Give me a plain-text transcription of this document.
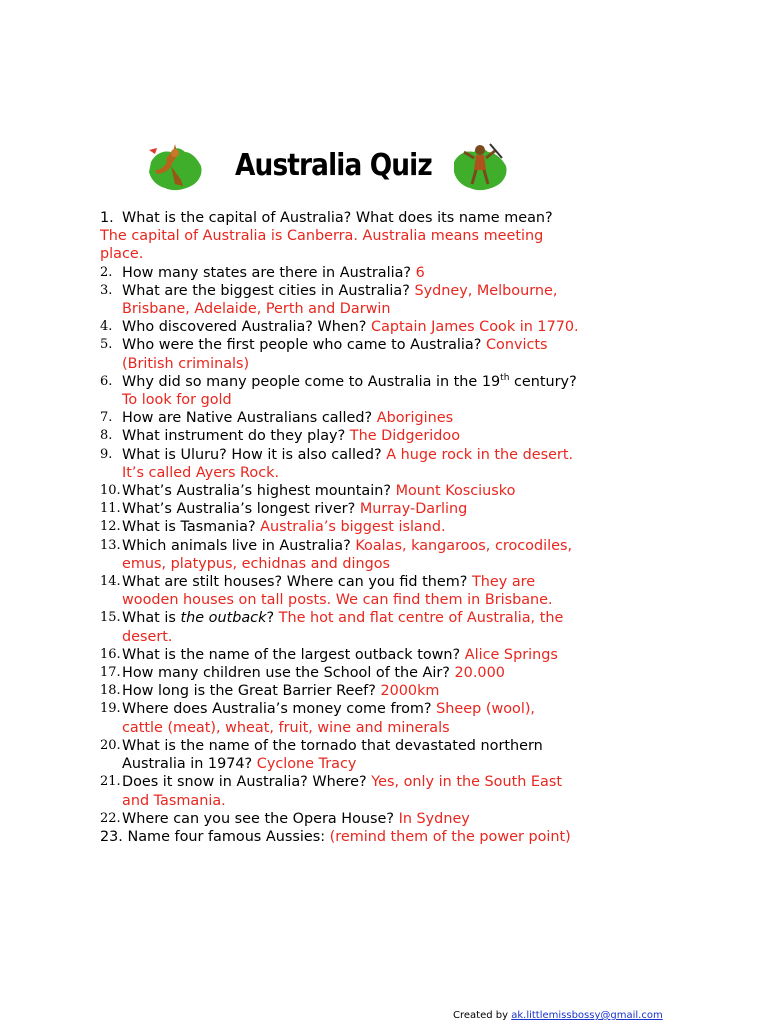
Australia Quiz
1. What is the capital of Australia? What does its name mean?
The capital of Australia is Canberra. Australia means meeting place.
2. How many states are there in Australia? 6
3. What are the biggest cities in Australia? Sydney, Melbourne, Brisbane, Adelaide, Perth and Darwin
4. Who discovered Australia? When? Captain James Cook in 1770.
5. Who were the first people who came to Australia? Convicts (British criminals)
6. Why did so many people come to Australia in the 19th century? To look for gold
7. How are Native Australians called? Aborigines
8. What instrument do they play? The Didgeridoo
9. What is Uluru? How it is also called? A huge rock in the desert. It’s called Ayers Rock.
10. What’s Australia’s highest mountain? Mount Kosciusko
11. What’s Australia’s longest river? Murray-Darling
12. What is Tasmania? Australia’s biggest island.
13. Which animals live in Australia? Koalas, kangaroos, crocodiles, emus, platypus, echidnas and dingos
14. What are stilt houses? Where can you fid them? They are wooden houses on tall posts. We can find them in Brisbane.
15. What is the outback? The hot and flat centre of Australia, the desert.
16. What is the name of the largest outback town? Alice Springs
17. How many children use the School of the Air? 20.000
18. How long is the Great Barrier Reef? 2000km
19. Where does Australia’s money come from? Sheep (wool), cattle (meat), wheat, fruit, wine and minerals
20. What is the name of the tornado that devastated northern Australia in 1974? Cyclone Tracy
21. Does it snow in Australia? Where? Yes, only in the South East and Tasmania.
22. Where can you see the Opera House? In Sydney
23. Name four famous Aussies: (remind them of the power point)
Created by ak.littlemissbossy@gmail.com
